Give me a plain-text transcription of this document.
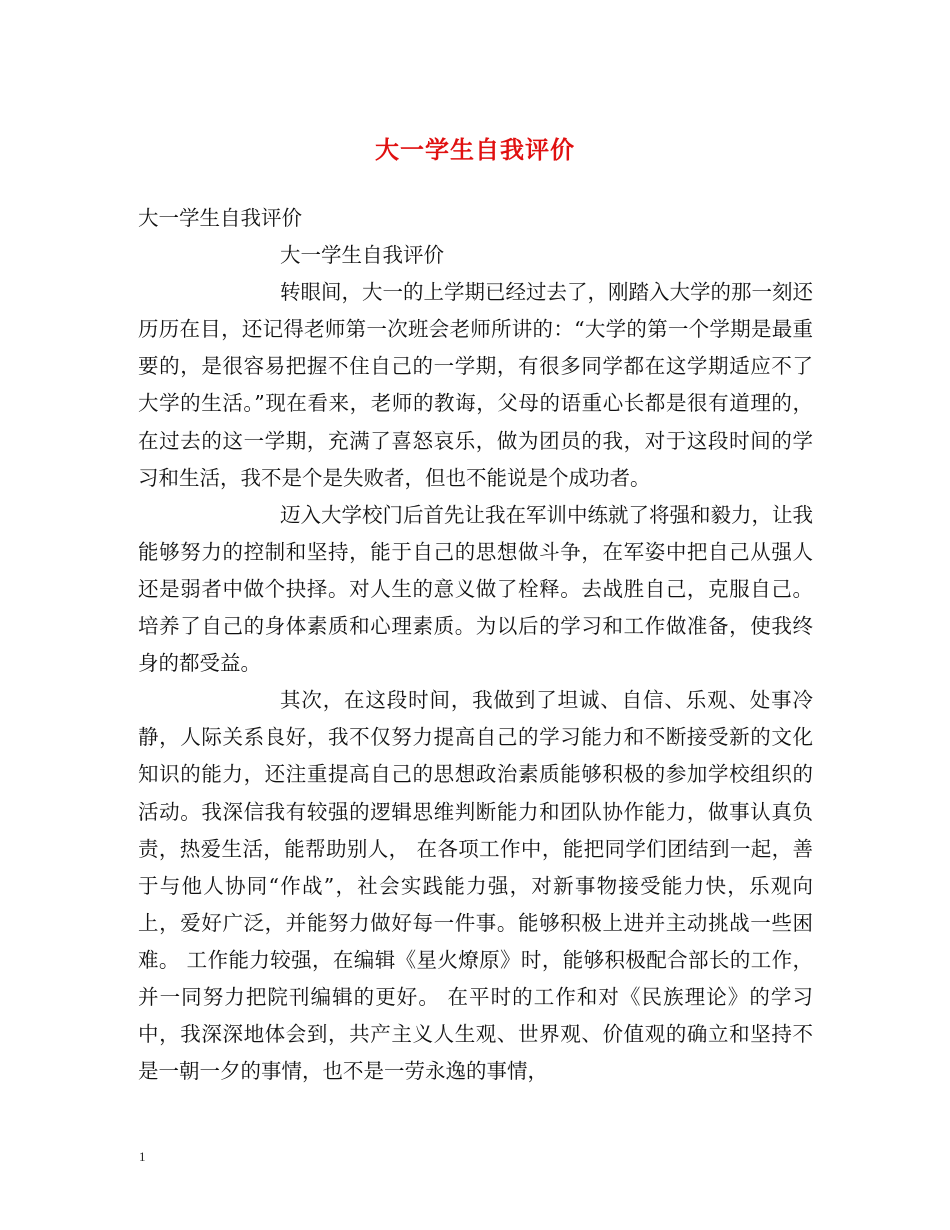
大一学生自我评价

大一学生自我评价

大一学生自我评价

转眼间，大一的上学期已经过去了，刚踏入大学的那一刻还历历在目，还记得老师第一次班会老师所讲的：“大学的第一个学期是最重要的，是很容易把握不住自己的一学期，有很多同学都在这学期适应不了大学的生活。”现在看来，老师的教诲，父母的语重心长都是很有道理的，在过去的这一学期，充满了喜怒哀乐，做为团员的我，对于这段时间的学习和生活，我不是个是失败者，但也不能说是个成功者。

迈入大学校门后首先让我在军训中练就了将强和毅力，让我能够努力的控制和坚持，能于自己的思想做斗争，在军姿中把自己从强人还是弱者中做个抉择。对人生的意义做了栓释。去战胜自己，克服自己。培养了自己的身体素质和心理素质。为以后的学习和工作做准备，使我终身的都受益。

其次，在这段时间，我做到了坦诚、自信、乐观、处事冷静，人际关系良好，我不仅努力提高自己的学习能力和不断接受新的文化知识的能力，还注重提高自己的思想政治素质能够积极的参加学校组织的活动。我深信我有较强的逻辑思维判断能力和团队协作能力，做事认真负责，热爱生活，能帮助别人， 在各项工作中，能把同学们团结到一起，善于与他人协同“作战”，社会实践能力强，对新事物接受能力快，乐观向上，爱好广泛，并能努力做好每一件事。能够积极上进并主动挑战一些困难。 工作能力较强，在编辑《星火燎原》时，能够积极配合部长的工作，并一同努力把院刊编辑的更好。 在平时的工作和对《民族理论》的学习中，我深深地体会到，共产主义人生观、世界观、价值观的确立和坚持不是一朝一夕的事情，也不是一劳永逸的事情，

1
